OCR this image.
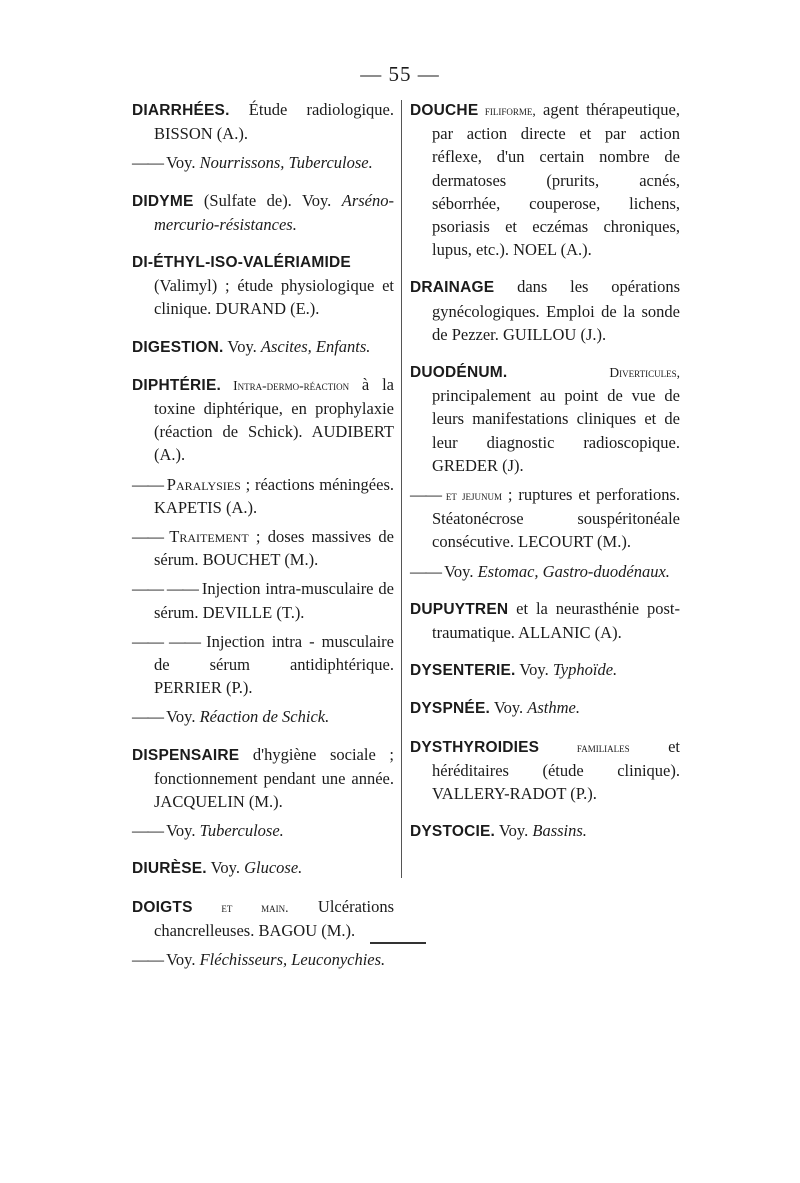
— 55 —

DIARRHÉES. Étude radiologique. BISSON (A.).

—— Voy. Nourrissons, Tuberculose.

DIDYME (Sulfate de). Voy. Arséno-mercurio-résistances.

DI-ÉTHYL-ISO-VALÉRIAMIDE (Valimyl) ; étude physiologique et clinique. DURAND (E.).

DIGESTION. Voy. Ascites, Enfants.

DIPHTÉRIE. Intra-dermo-réaction à la toxine diphtérique, en prophylaxie (réaction de Schick). AUDIBERT (A.).

—— Paralysies ; réactions méningées. KAPETIS (A.).

—— Traitement ; doses massives de sérum. BOUCHET (M.).

—— —— Injection intra-musculaire de sérum. DEVILLE (T.).

—— —— Injection intra - musculaire de sérum antidiphtérique. PERRIER (P.).

—— Voy. Réaction de Schick.

DISPENSAIRE d'hygiène sociale ; fonctionnement pendant une année. JACQUELIN (M.).

—— Voy. Tuberculose.

DIURÈSE. Voy. Glucose.

DOIGTS et main. Ulcérations chancrelleuses. BAGOU (M.).

—— Voy. Fléchisseurs, Leuconychies.

DOUCHE filiforme, agent thérapeutique, par action directe et par action réflexe, d'un certain nombre de dermatoses (prurits, acnés, séborrhée, couperose, lichens, psoriasis et eczémas chroniques, lupus, etc.). NOEL (A.).

DRAINAGE dans les opérations gynécologiques. Emploi de la sonde de Pezzer. GUILLOU (J.).

DUODÉNUM. Diverticules, principalement au point de vue de leurs manifestations cliniques et de leur diagnostic radioscopique. GREDER (J).

—— et jejunum ; ruptures et perforations. Stéatonécrose souspéritonéale consécutive. LECOURT (M.).

—— Voy. Estomac, Gastro-duodénaux.

DUPUYTREN et la neurasthénie post-traumatique. ALLANIC (A).

DYSENTERIE. Voy. Typhoïde.

DYSPNÉE. Voy. Asthme.

DYSTHYROIDIES familiales et héréditaires (étude clinique). VALLERY-RADOT (P.).

DYSTOCIE. Voy. Bassins.
